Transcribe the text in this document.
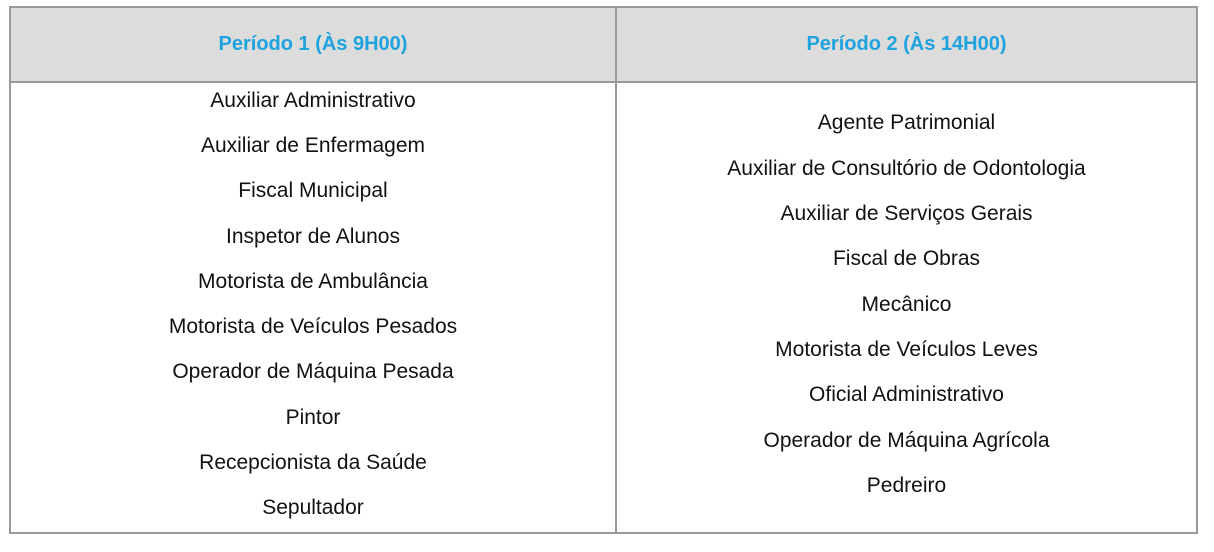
Período 1 (Às 9H00)	Período 2 (Às 14H00)
Auxiliar Administrativo
Auxiliar de Enfermagem
Fiscal Municipal
Inspetor de Alunos
Motorista de Ambulância
Motorista de Veículos Pesados
Operador de Máquina Pesada
Pintor
Recepcionista da Saúde
Sepultador
Agente Patrimonial
Auxiliar de Consultório de Odontologia
Auxiliar de Serviços Gerais
Fiscal de Obras
Mecânico
Motorista de Veículos Leves
Oficial Administrativo
Operador de Máquina Agrícola
Pedreiro
